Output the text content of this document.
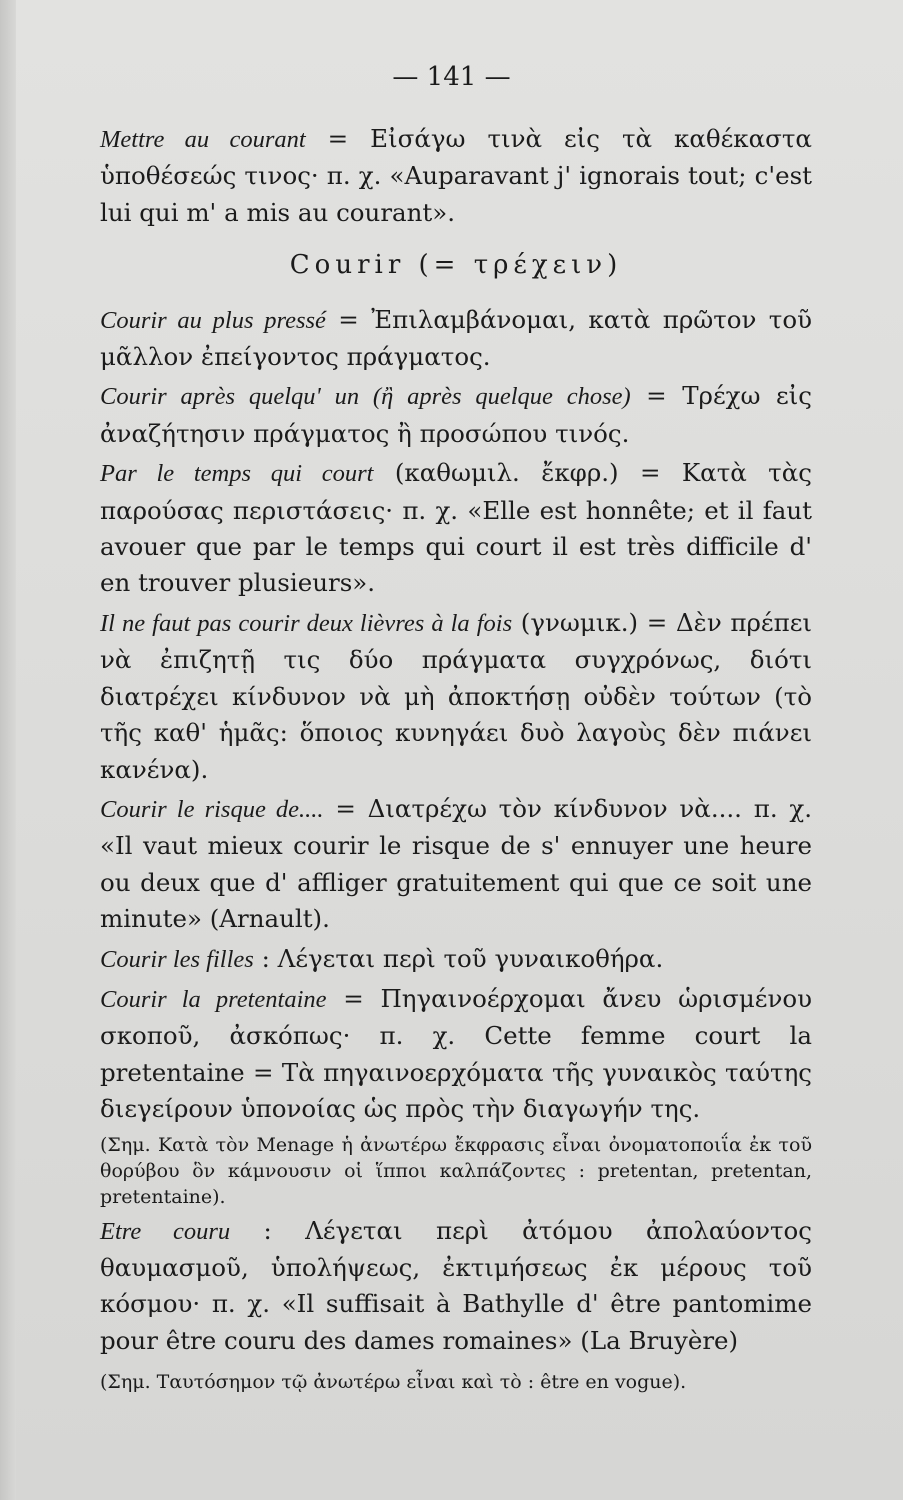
— 141 —

Mettre au courant = Εἰσάγω τινὰ εἰς τὰ καθέκαστα ὑποθέσεώς τινος· π. χ. «Auparavant j' ignorais tout; c'est lui qui m' a mis au courant».

Courir (= τρέχειν)

Courir au plus pressé = Ἐπιλαμβάνομαι, κατὰ πρῶτον τοῦ μᾶλλον ἐπείγοντος πράγματος.

Courir après quelqu' un (ἢ après quelque chose) = Τρέχω εἰς ἀναζήτησιν πράγματος ἢ προσώπου τινός.

Par le temps qui court (καθωμιλ. ἔκφρ.) = Κατὰ τὰς παρούσας περιστάσεις· π. χ. «Elle est honnête; et il faut avouer que par le temps qui court il est très difficile d' en trouver plusieurs».

Il ne faut pas courir deux lièvres à la fois (γνωμικ.) = Δὲν πρέπει νὰ ἐπιζητῇ τις δύο πράγματα συγχρόνως, διότι διατρέχει κίνδυνον νὰ μὴ ἀποκτήσῃ οὐδὲν τούτων (τὸ τῆς καθ' ἡμᾶς: ὅποιος κυνηγάει δυὸ λαγοὺς δὲν πιάνει κανένα).

Courir le risque de.... = Διατρέχω τὸν κίνδυνον νὰ.... π. χ. «Il vaut mieux courir le risque de s' ennuyer une heure ou deux que d' affliger gratuitement qui que ce soit une minute» (Arnault).

Courir les filles : Λέγεται περὶ τοῦ γυναικοθήρα.

Courir la pretentaine = Πηγαινοέρχομαι ἄνευ ὡρισμένου σκοποῦ, ἀσκόπως· π. χ. Cette femme court la pretentaine = Τὰ πηγαινοερχόματα τῆς γυναικὸς ταύτης διεγείρουν ὑπονοίας ὡς πρὸς τὴν διαγωγήν της.

(Σημ. Κατὰ τὸν Menage ἡ ἀνωτέρω ἔκφρασις εἶναι ὀνοματοποιΐα ἐκ τοῦ θορύβου ὃν κάμνουσιν οἱ ἵπποι καλπάζοντες : pretentan, pretentan, pretentaine).

Etre couru : Λέγεται περὶ ἀτόμου ἀπολαύοντος θαυμασμοῦ, ὑπολήψεως, ἐκτιμήσεως ἐκ μέρους τοῦ κόσμου· π. χ. «Il suffisait à Bathylle d' être pantomime pour être couru des dames romaines» (La Bruyère)

(Σημ. Ταυτόσημον τῷ ἀνωτέρω εἶναι καὶ τὸ : être en vogue).
